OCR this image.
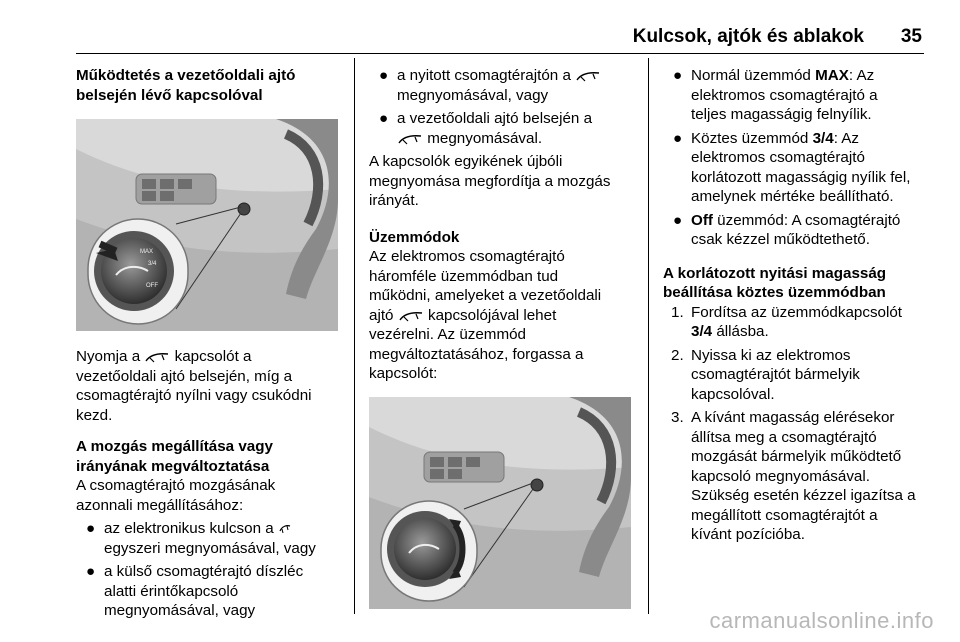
Kulcsok, ajtók és ablakok 35
Működtetés a vezetőoldali ajtó
belsején lévő kapcsolóval
MAX
3/4
OFF
Nyomja a kapcsolót a
vezetőoldali ajtó belsején, míg a
csomagtérajtó nyílni vagy csukódni
kezd.
A mozgás megállítása vagy
irányának megváltoztatása
A csomagtérajtó mozgásának
azonnali megállításához:
● az elektronikus kulcson a
egyszeri megnyomásával, vagy
● a külső csomagtérajtó díszléc
alatti érintőkapcsoló
megnyomásával, vagy
● a nyitott csomagtérajtón a
megnyomásával, vagy
● a vezetőoldali ajtó belsején a
megnyomásával.
A kapcsolók egyikének újbóli
megnyomása megfordítja a mozgás
irányát.
Üzemmódok
Az elektromos csomagtérajtó
háromféle üzemmódban tud
működni, amelyeket a vezetőoldali
ajtó kapcsolójával lehet
vezérelni. Az üzemmód
megváltoztatásához, forgassa a
kapcsolót:
● Normál üzemmód MAX: Az
elektromos csomagtérajtó a
teljes magasságig felnyílik.
● Köztes üzemmód 3/4: Az
elektromos csomagtérajtó
korlátozott magasságig nyílik fel,
amelynek mértéke beállítható.
● Off üzemmód: A csomagtérajtó
csak kézzel működtethető.
A korlátozott nyitási magasság
beállítása köztes üzemmódban
1. Fordítsa az üzemmódkapcsolót
3/4 állásba.
2. Nyissa ki az elektromos
csomagtérajtót bármelyik
kapcsolóval.
3. A kívánt magasság elérésekor
állítsa meg a csomagtérajtó
mozgását bármelyik működtető
kapcsoló megnyomásával.
Szükség esetén kézzel igazítsa a
megállított csomagtérajtót a
kívánt pozícióba.
carmanualsonline.info
